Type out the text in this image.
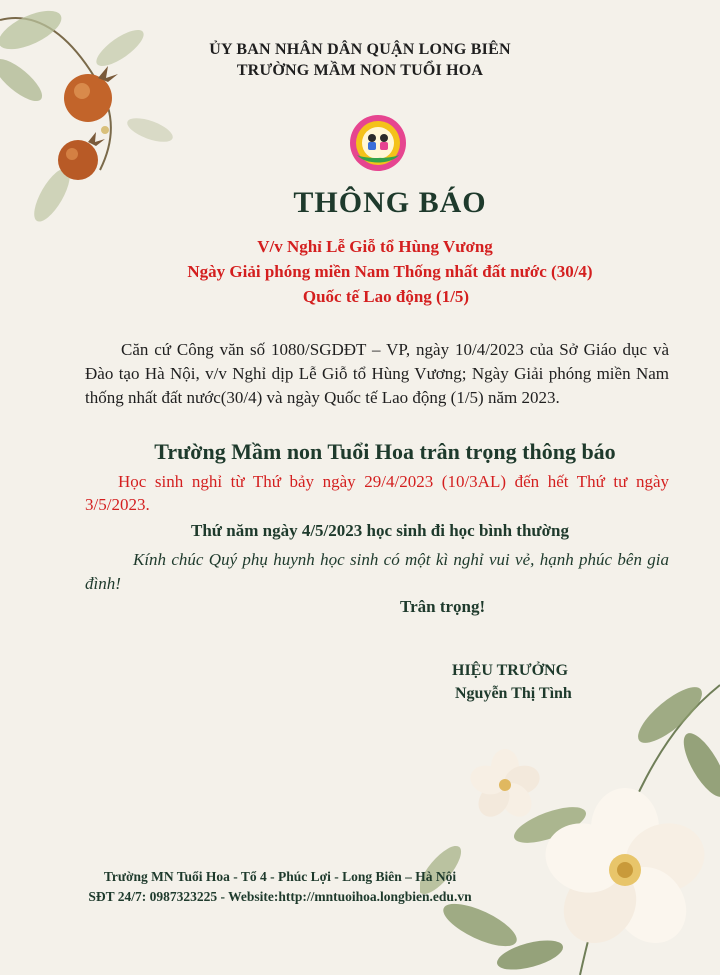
ỦY BAN NHÂN DÂN QUẬN LONG BIÊN
TRƯỜNG MẦM NON TUỔI HOA
THÔNG BÁO
V/v Nghỉ Lễ Giỗ tổ Hùng Vương
Ngày Giải phóng miền Nam Thống nhất đất nước (30/4)
Quốc tế Lao động (1/5)
Căn cứ Công văn số 1080/SGDĐT – VP, ngày 10/4/2023 của Sở Giáo dục và Đào tạo Hà Nội, v/v Nghỉ dịp Lễ Giỗ tổ Hùng Vương; Ngày Giải phóng miền Nam thống nhất đất nước(30/4) và ngày Quốc tế Lao động (1/5) năm 2023.
Trường Mầm non Tuổi Hoa trân trọng thông báo
Học sinh nghỉ từ Thứ bảy ngày 29/4/2023 (10/3AL) đến hết Thứ tư ngày 3/5/2023.
Thứ năm ngày 4/5/2023 học sinh đi học bình thường
Kính chúc Quý phụ huynh học sinh có một kì nghỉ vui vẻ, hạnh phúc bên gia đình!
Trân trọng!
HIỆU TRƯỞNG
Nguyễn Thị Tình
Trường MN Tuổi Hoa - Tổ 4 - Phúc Lợi - Long Biên – Hà Nội
SĐT 24/7: 0987323225 - Website:http://mntuoihoa.longbien.edu.vn
